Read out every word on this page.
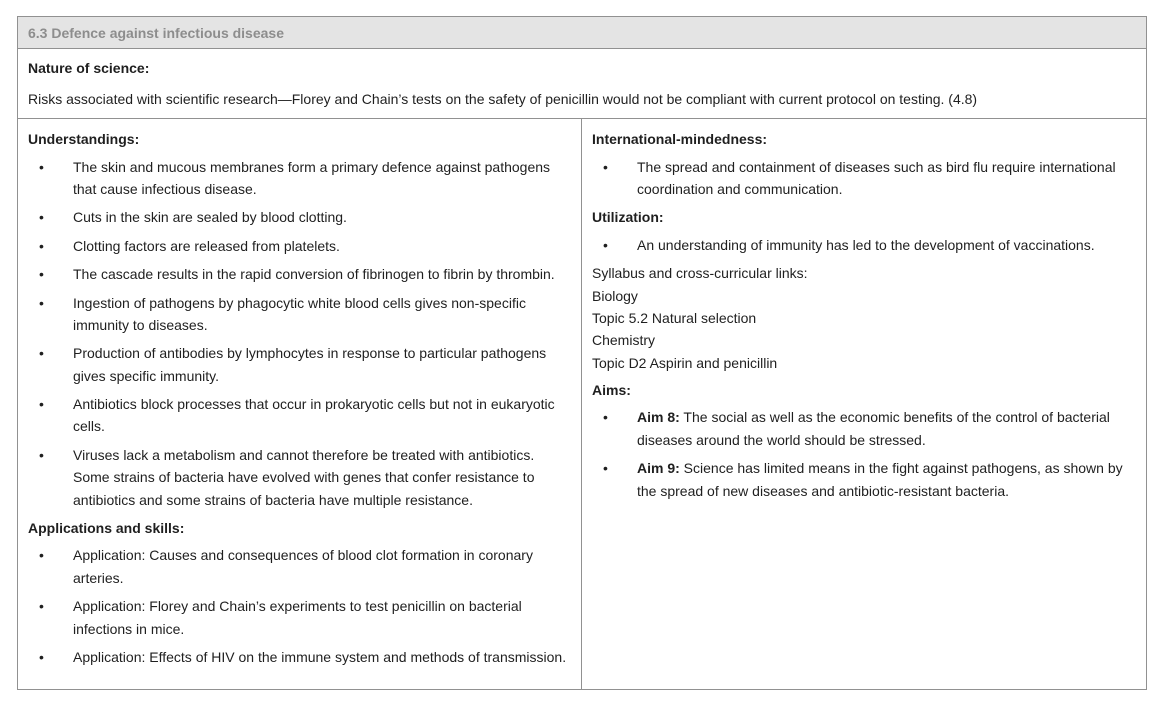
6.3 Defence against infectious disease
Nature of science:

Risks associated with scientific research—Florey and Chain’s tests on the safety of penicillin would not be compliant with current protocol on testing. (4.8)

Understandings:
• The skin and mucous membranes form a primary defence against pathogens that cause infectious disease.
• Cuts in the skin are sealed by blood clotting.
• Clotting factors are released from platelets.
• The cascade results in the rapid conversion of fibrinogen to fibrin by thrombin.
• Ingestion of pathogens by phagocytic white blood cells gives non-specific immunity to diseases.
• Production of antibodies by lymphocytes in response to particular pathogens gives specific immunity.
• Antibiotics block processes that occur in prokaryotic cells but not in eukaryotic cells.
• Viruses lack a metabolism and cannot therefore be treated with antibiotics. Some strains of bacteria have evolved with genes that confer resistance to antibiotics and some strains of bacteria have multiple resistance.
Applications and skills:
• Application: Causes and consequences of blood clot formation in coronary arteries.
• Application: Florey and Chain’s experiments to test penicillin on bacterial infections in mice.
• Application: Effects of HIV on the immune system and methods of transmission.
International-mindedness:
• The spread and containment of diseases such as bird flu require international coordination and communication.
Utilization:
• An understanding of immunity has led to the development of vaccinations.

Syllabus and cross-curricular links:

Biology

Topic 5.2 Natural selection

Chemistry

Topic D2 Aspirin and penicillin

Aims:
• Aim 8: The social as well as the economic benefits of the control of bacterial diseases around the world should be stressed.
• Aim 9: Science has limited means in the fight against pathogens, as shown by the spread of new diseases and antibiotic-resistant bacteria.
